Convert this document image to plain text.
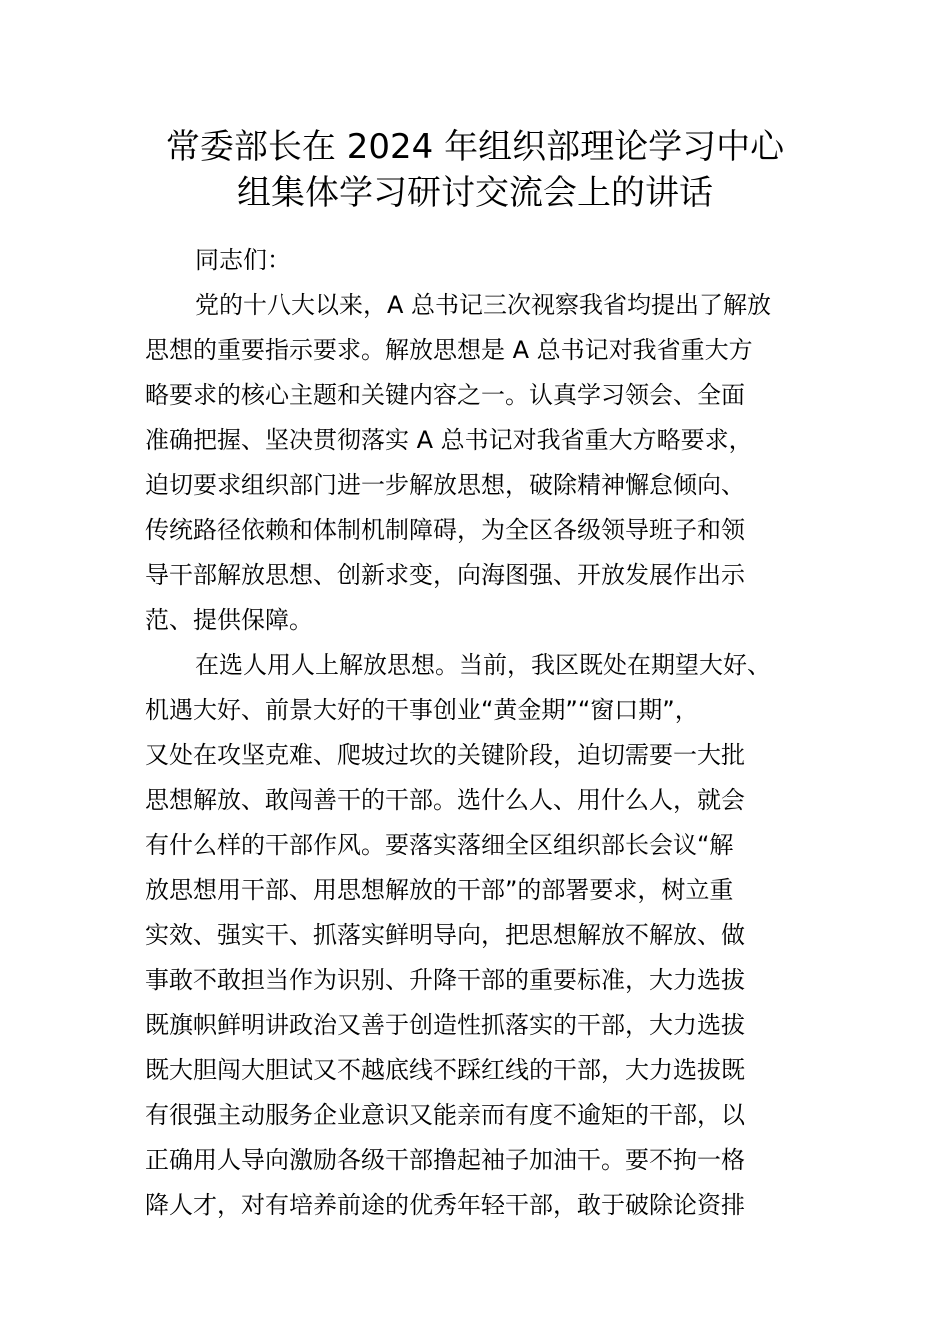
常委部长在 2024 年组织部理论学习中心
组集体学习研讨交流会上的讲话
同志们：
党的十八大以来，A 总书记三次视察我省均提出了解放
思想的重要指示要求。解放思想是 A 总书记对我省重大方
略要求的核心主题和关键内容之一。认真学习领会、全面
准确把握、坚决贯彻落实 A 总书记对我省重大方略要求，
迫切要求组织部门进一步解放思想，破除精神懈怠倾向、
传统路径依赖和体制机制障碍，为全区各级领导班子和领
导干部解放思想、创新求变，向海图强、开放发展作出示
范、提供保障。
在选人用人上解放思想。当前，我区既处在期望大好、
机遇大好、前景大好的干事创业“黄金期”“窗口期”，
又处在攻坚克难、爬坡过坎的关键阶段，迫切需要一大批
思想解放、敢闯善干的干部。选什么人、用什么人，就会
有什么样的干部作风。要落实落细全区组织部长会议“解
放思想用干部、用思想解放的干部”的部署要求，树立重
实效、强实干、抓落实鲜明导向，把思想解放不解放、做
事敢不敢担当作为识别、升降干部的重要标准，大力选拔
既旗帜鲜明讲政治又善于创造性抓落实的干部，大力选拔
既大胆闯大胆试又不越底线不踩红线的干部，大力选拔既
有很强主动服务企业意识又能亲而有度不逾矩的干部，以
正确用人导向激励各级干部撸起袖子加油干。要不拘一格
降人才，对有培养前途的优秀年轻干部，敢于破除论资排
